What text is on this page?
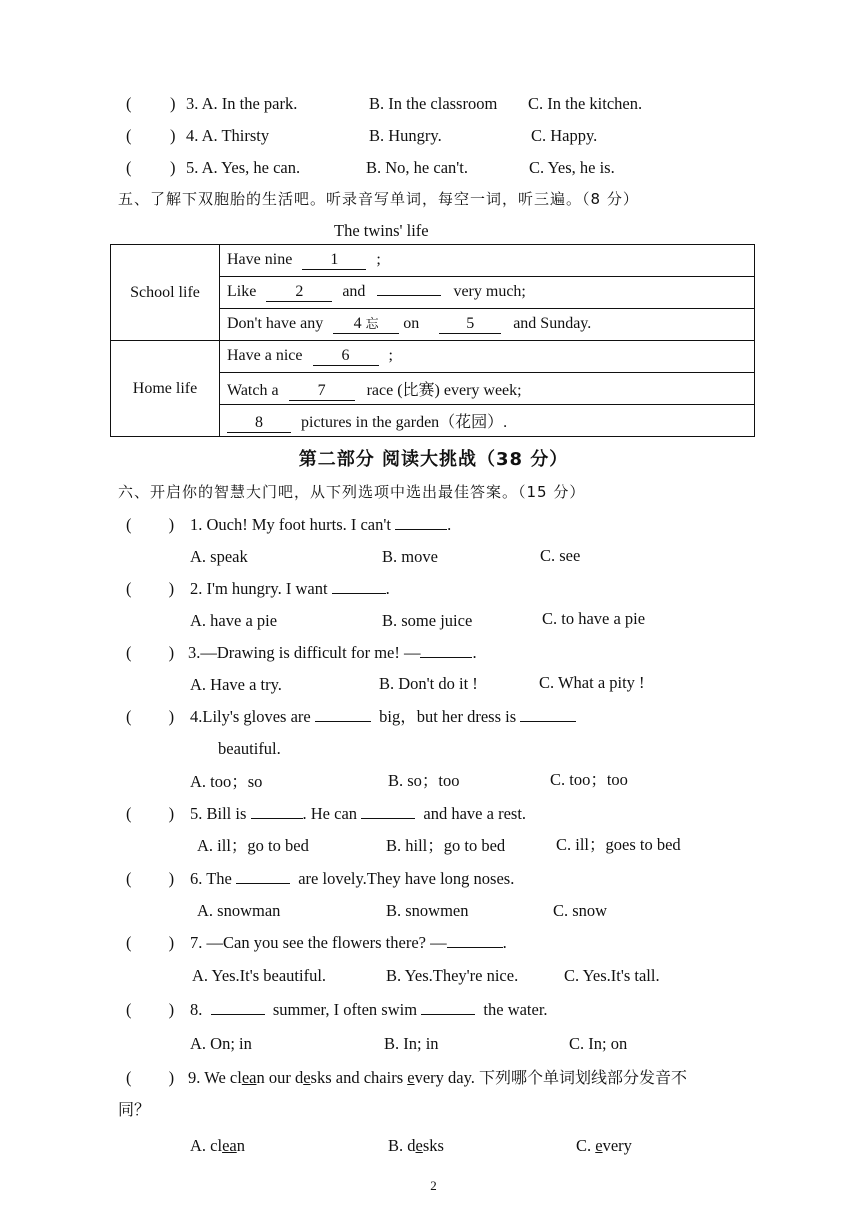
( ) 3. A. In the park.	B. In the classroom C. In the kitchen.
( ) 4. A. Thirsty	B. Hungry.	C. Happy.
( ) 5. A. Yes, he can.	B. No, he can't.	C. Yes, he is.
五、了解下双胞胎的生活吧。听录音写单词，每空一词，听三遍。（8 分）
The twins' life
School life	Have nine 1 ;
	Like 2 and very much;
	Don't have any 4 忘 on 5 and Sunday.
Home life	Have a nice 6 ;
	Watch a 7 race (比赛) every week;
	8 pictures in the garden（花园）.
第二部分 阅读大挑战（38 分）
六、开启你的智慧大门吧，从下列选项中选出最佳答案。（15 分）
(         ) 1. Ouch! My foot hurts. I can't	.
A. speak	B. move	C. see
(         ) 2. I'm hungry. I want	.
A. have a pie	B. some juice	C. to have a pie
(         ) 3.—Drawing is difficult for me! —	.
A. Have a try.	B. Don't do it !	C. What a pity !
(         ) 4.Lily's gloves are	big，but her dress is
beautiful.
A. too；so	B. so；too	C. too；too
(         ) 5. Bill is	. He can	and have a rest.
A. ill；go to bed	B. hill；go to bed	C. ill；goes to bed
(         ) 6. The	are lovely.They have long noses.
A. snowman	B. snowmen	C. snow
(         ) 7. —Can you see the flowers there? —	.
A. Yes.It's beautiful.	B. Yes.They're nice.	C. Yes.It's tall.
(         ) 8.	summer, I often swim	the water.
A. On; in	B. In; in	C. In; on
(         ) 9. We clean our desks and chairs every day. 下列哪个单词划线部分发音不
同？
A. clean	B. desks	C. every
2
